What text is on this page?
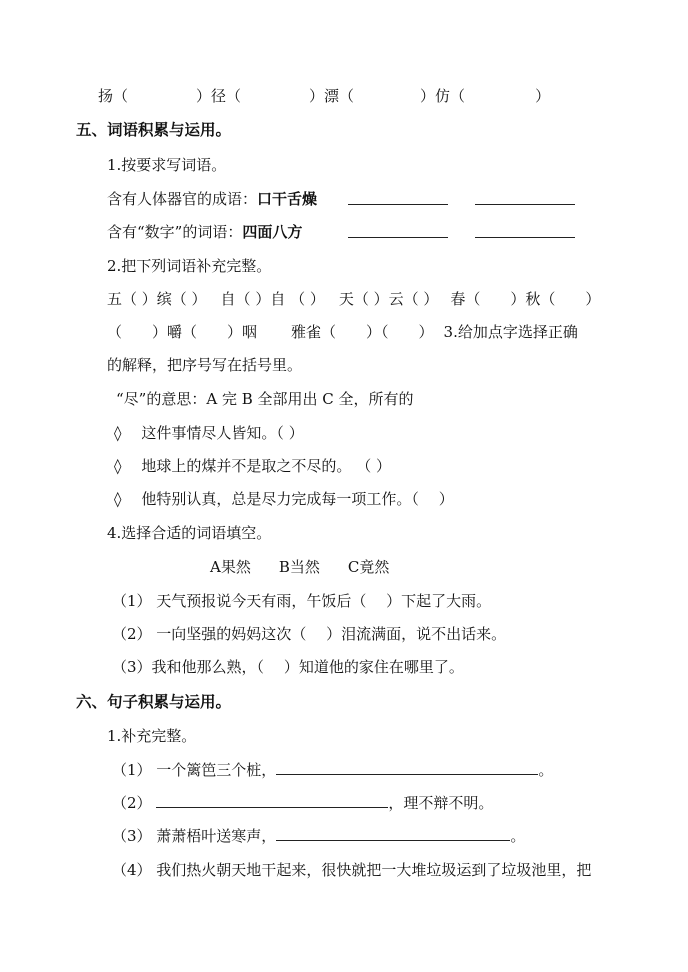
扬（	）径（	）漂（	）仿（	）
五、词语积累与运用。
1.按要求写词语。
含有人体器官的成语：口干舌燥
含有“数字”的词语：四面八方
2.把下列词语补充完整。
五（ ）缤（ ） 自（ ）自 （ ） 天（ ）云（ ） 春（　　）秋（　　）
（　　）嚼（　　）咽 雅雀（　　）（　　） 3.给加点字选择正确
的解释，把序号写在括号里。
“尽”的意思：A 完 B 全部用出 C 全，所有的
◊ 这件事情尽人皆知。（ ）
◊ 地球上的煤并不是取之不尽的。 （ ）
◊ 他特别认真，总是尽力完成每一项工作。（　 ）
4.选择合适的词语填空。
A果然 B当然 C竟然
（1） 天气预报说今天有雨，午饭后（　 ）下起了大雨。
（2） 一向坚强的妈妈这次（　 ）泪流满面，说不出话来。
（3）我和他那么熟，（　 ）知道他的家住在哪里了。
六、句子积累与运用。
1.补充完整。
（1） 一个篱笆三个桩，	。
（2）	，理不辩不明。
（3） 萧萧梧叶送寒声，	。
（4） 我们热火朝天地干起来，很快就把一大堆垃圾运到了垃圾池里，把
